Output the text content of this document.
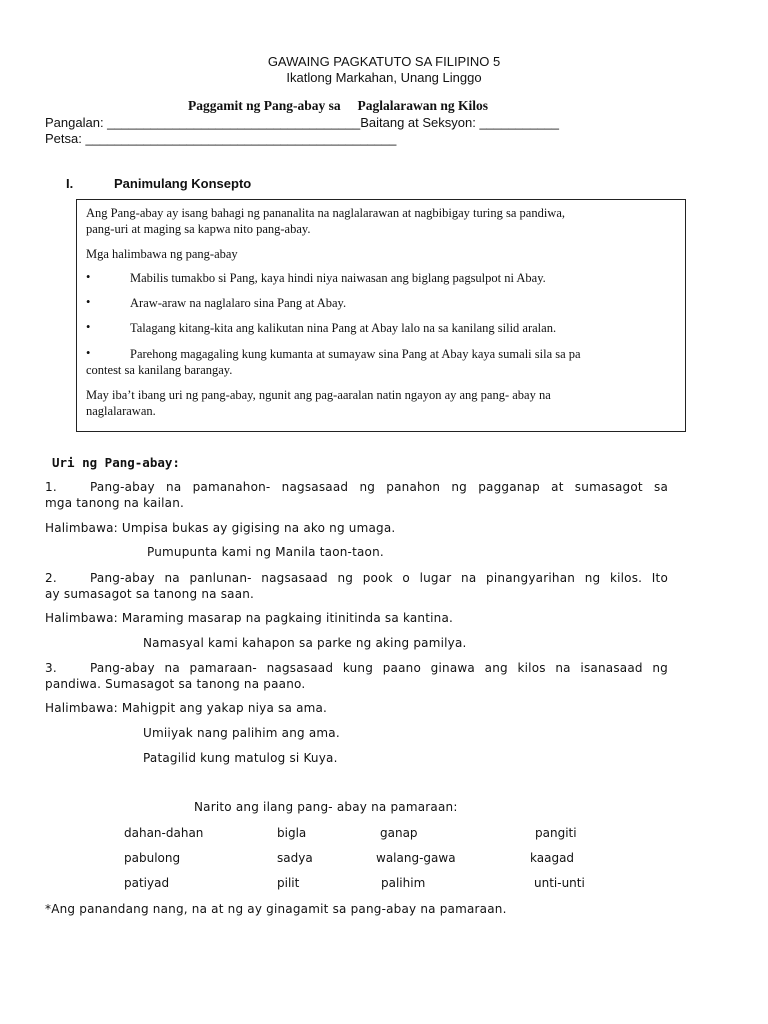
GAWAING PAGKATUTO SA FILIPINO 5
Ikatlong Markahan, Unang Linggo
Paggamit ng Pang-abay sa     Paglalarawan ng Kilos
Pangalan: ___________________________________Baitang at Seksyon: ___________
Petsa: ___________________________________________
I.	Panimulang Konsepto

Ang Pang-abay ay isang bahagi ng pananalita na naglalarawan at nagbibigay turing sa pandiwa,

pang-uri at maging sa kapwa nito pang-abay.

Mga halimbawa ng pang-abay

•	Mabilis tumakbo si Pang, kaya hindi niya naiwasan ang biglang pagsulpot ni Abay.

•	Araw-araw na naglalaro sina Pang at Abay.

•	Talagang kitang-kita ang kalikutan nina Pang at Abay lalo na sa kanilang silid aralan.

•	Parehong magagaling kung kumanta at sumayaw sina Pang at Abay kaya sumali sila sa pa

contest sa kanilang barangay.

May iba’t ibang uri ng pang-abay, ngunit ang pag-aaralan natin ngayon ay ang pang- abay na

naglalarawan.

Uri ng Pang-abay:
1.	Pang-abay na pamanahon- nagsasaad ng panahon ng pagganap at sumasagot sa
mga tanong na kailan.
Halimbawa: Umpisa bukas ay gigising na ako ng umaga.
Pumupunta kami ng Manila taon-taon.
2.	Pang-abay na panlunan- nagsasaad ng pook o lugar na pinangyarihan ng kilos. Ito
ay sumasagot sa tanong na saan.
Halimbawa: Maraming masarap na pagkaing itinitinda sa kantina.
Namasyal kami kahapon sa parke ng aking pamilya.
3.	Pang-abay na pamaraan- nagsasaad kung paano ginawa ang kilos na isanasaad ng
pandiwa. Sumasagot sa tanong na paano.
Halimbawa: Mahigpit ang yakap niya sa ama.
Umiiyak nang palihim ang ama.
Patagilid kung matulog si Kuya.
Narito ang ilang pang- abay na pamaraan:
dahan-dahan	bigla	ganap	pangiti
pabulong	sadya	walang-gawa	kaagad
patiyad	pilit	palihim	unti-unti
*Ang panandang nang, na at ng ay ginagamit sa pang-abay na pamaraan.
